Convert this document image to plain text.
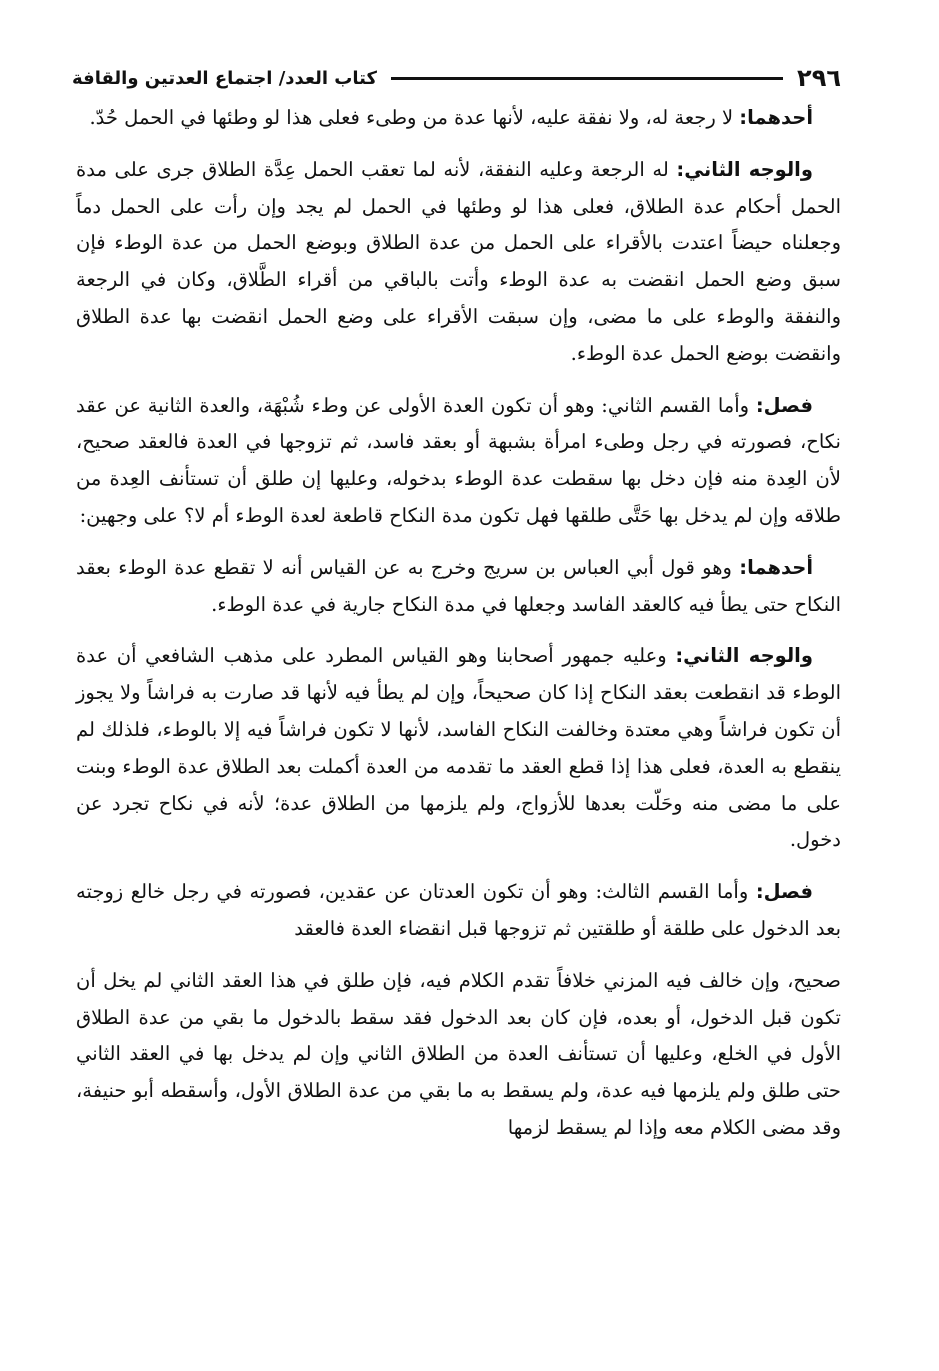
٢٩٦
كتاب العدد/ اجتماع العدتين والقافة

أحدهما: لا رجعة له، ولا نفقة عليه، لأنها عدة من وطىء فعلى هذا لو وطئها في الحمل حُدّ.

والوجه الثاني: له الرجعة وعليه النفقة، لأنه لما تعقب الحمل عِدَّة الطلاق جرى على مدة الحمل أحكام عدة الطلاق، فعلى هذا لو وطئها في الحمل لم يجد وإن رأت على الحمل دماً وجعلناه حيضاً اعتدت بالأقراء على الحمل من عدة الطلاق وبوضع الحمل من عدة الوطء فإن سبق وضع الحمل انقضت به عدة الوطء وأتت بالباقي من أقراء الطَّلاق، وكان في الرجعة والنفقة والوطء على ما مضى، وإن سبقت الأقراء على وضع الحمل انقضت بها عدة الطلاق وانقضت بوضع الحمل عدة الوطء.

فصل: وأما القسم الثاني: وهو أن تكون العدة الأولى عن وطء شُبْهَة، والعدة الثانية عن عقد نكاح، فصورته في رجل وطىء امرأة بشبهة أو بعقد فاسد، ثم تزوجها في العدة فالعقد صحيح، لأن العِدة منه فإن دخل بها سقطت عدة الوطء بدخوله، وعليها إن طلق أن تستأنف العِدة من طلاقه وإن لم يدخل بها حَتَّى طلقها فهل تكون مدة النكاح قاطعة لعدة الوطء أم لا؟ على وجهين:

أحدهما: وهو قول أبي العباس بن سريج وخرج به عن القياس أنه لا تقطع عدة الوطء بعقد النكاح حتى يطأ فيه كالعقد الفاسد وجعلها في مدة النكاح جارية في عدة الوطء.

والوجه الثاني: وعليه جمهور أصحابنا وهو القياس المطرد على مذهب الشافعي أن عدة الوطء قد انقطعت بعقد النكاح إذا كان صحيحاً، وإن لم يطأ فيه لأنها قد صارت به فراشاً ولا يجوز أن تكون فراشاً وهي معتدة وخالفت النكاح الفاسد، لأنها لا تكون فراشاً فيه إلا بالوطء، فلذلك لم ينقطع به العدة، فعلى هذا إذا قطع العقد ما تقدمه من العدة أكملت بعد الطلاق عدة الوطء وبنت على ما مضى منه وحَلّت بعدها للأزواج، ولم يلزمها من الطلاق عدة؛ لأنه في نكاح تجرد عن دخول.

فصل: وأما القسم الثالث: وهو أن تكون العدتان عن عقدين، فصورته في رجل خالع زوجته بعد الدخول على طلقة أو طلقتين ثم تزوجها قبل انقضاء العدة فالعقد

صحيح، وإن خالف فيه المزني خلافاً تقدم الكلام فيه، فإن طلق في هذا العقد الثاني لم يخل أن تكون قبل الدخول، أو بعده، فإن كان بعد الدخول فقد سقط بالدخول ما بقي من عدة الطلاق الأول في الخلع، وعليها أن تستأنف العدة من الطلاق الثاني وإن لم يدخل بها في العقد الثاني حتى طلق ولم يلزمها فيه عدة، ولم يسقط به ما بقي من عدة الطلاق الأول، وأسقطه أبو حنيفة، وقد مضى الكلام معه وإذا لم يسقط لزمها
